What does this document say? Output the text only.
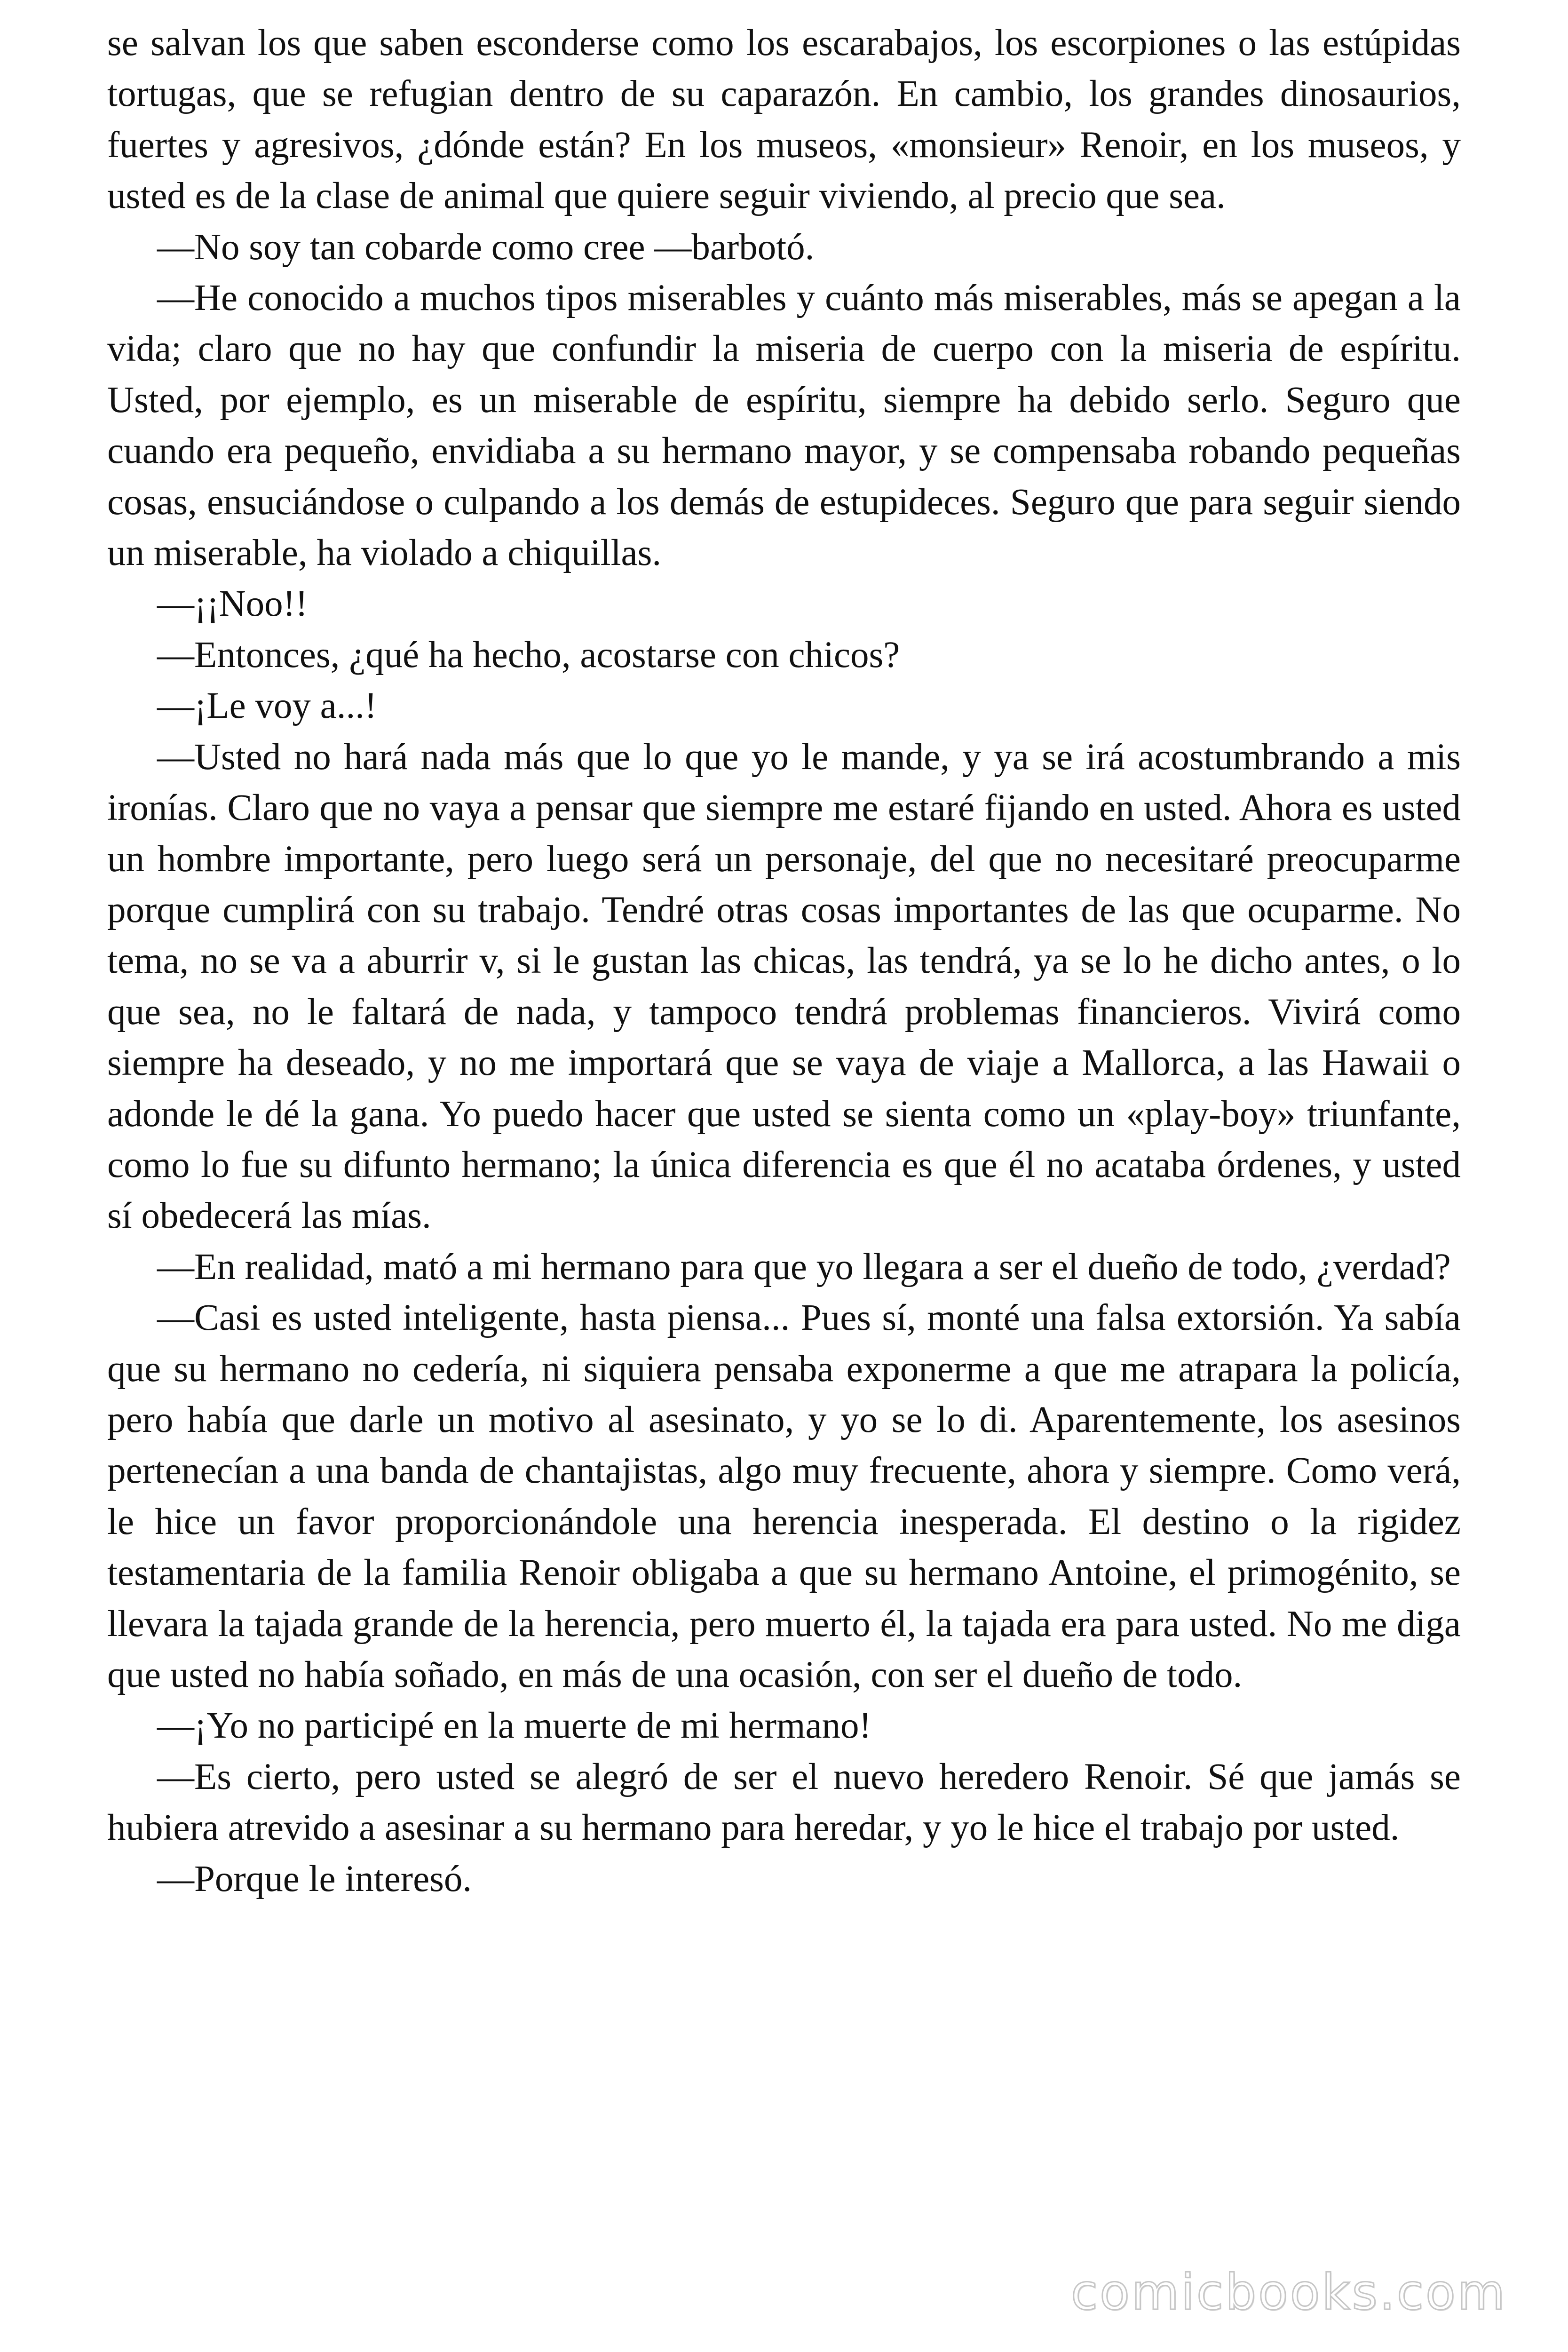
se salvan los que saben esconderse como los escarabajos, los escorpiones o las estúpidas tortugas, que se refugian dentro de su caparazón. En cambio, los grandes dinosaurios, fuertes y agresivos, ¿dónde están? En los museos, «monsieur» Renoir, en los museos, y usted es de la clase de animal que quiere seguir viviendo, al precio que sea.

—No soy tan cobarde como cree —barbotó.

—He conocido a muchos tipos miserables y cuánto más miserables, más se apegan a la vida; claro que no hay que confundir la miseria de cuerpo con la miseria de espíritu. Usted, por ejemplo, es un miserable de espíritu, siempre ha debido serlo. Seguro que cuando era pequeño, envidiaba a su hermano mayor, y se compensaba robando pequeñas cosas, ensuciándose o culpando a los demás de estupideces. Seguro que para seguir siendo un miserable, ha violado a chiquillas.

—¡¡Noo!!

—Entonces, ¿qué ha hecho, acostarse con chicos?

—¡Le voy a...!

—Usted no hará nada más que lo que yo le mande, y ya se irá acostumbrando a mis ironías. Claro que no vaya a pensar que siempre me estaré fijando en usted. Ahora es usted un hombre importante, pero luego será un personaje, del que no necesitaré preocuparme porque cumplirá con su trabajo. Tendré otras cosas importantes de las que ocuparme. No tema, no se va a aburrir v, si le gustan las chicas, las tendrá, ya se lo he dicho antes, o lo que sea, no le faltará de nada, y tampoco tendrá problemas financieros. Vivirá como siempre ha deseado, y no me importará que se vaya de viaje a Mallorca, a las Hawaii o adonde le dé la gana. Yo puedo hacer que usted se sienta como un «play-boy» triunfante, como lo fue su difunto hermano; la única diferencia es que él no acataba órdenes, y usted sí obedecerá las mías.

—En realidad, mató a mi hermano para que yo llegara a ser el dueño de todo, ¿verdad?

—Casi es usted inteligente, hasta piensa... Pues sí, monté una falsa extorsión. Ya sabía que su hermano no cedería, ni siquiera pensaba exponerme a que me atrapara la policía, pero había que darle un motivo al asesinato, y yo se lo di. Aparentemente, los asesinos pertenecían a una banda de chantajistas, algo muy frecuente, ahora y siempre. Como verá, le hice un favor proporcionándole una herencia inesperada. El destino o la rigidez testamentaria de la familia Renoir obligaba a que su hermano Antoine, el primogénito, se llevara la tajada grande de la herencia, pero muerto él, la tajada era para usted. No me diga que usted no había soñado, en más de una ocasión, con ser el dueño de todo.

—¡Yo no participé en la muerte de mi hermano!

—Es cierto, pero usted se alegró de ser el nuevo heredero Renoir. Sé que jamás se hubiera atrevido a asesinar a su hermano para heredar, y yo le hice el trabajo por usted.

—Porque le interesó.

comicbooks.com
